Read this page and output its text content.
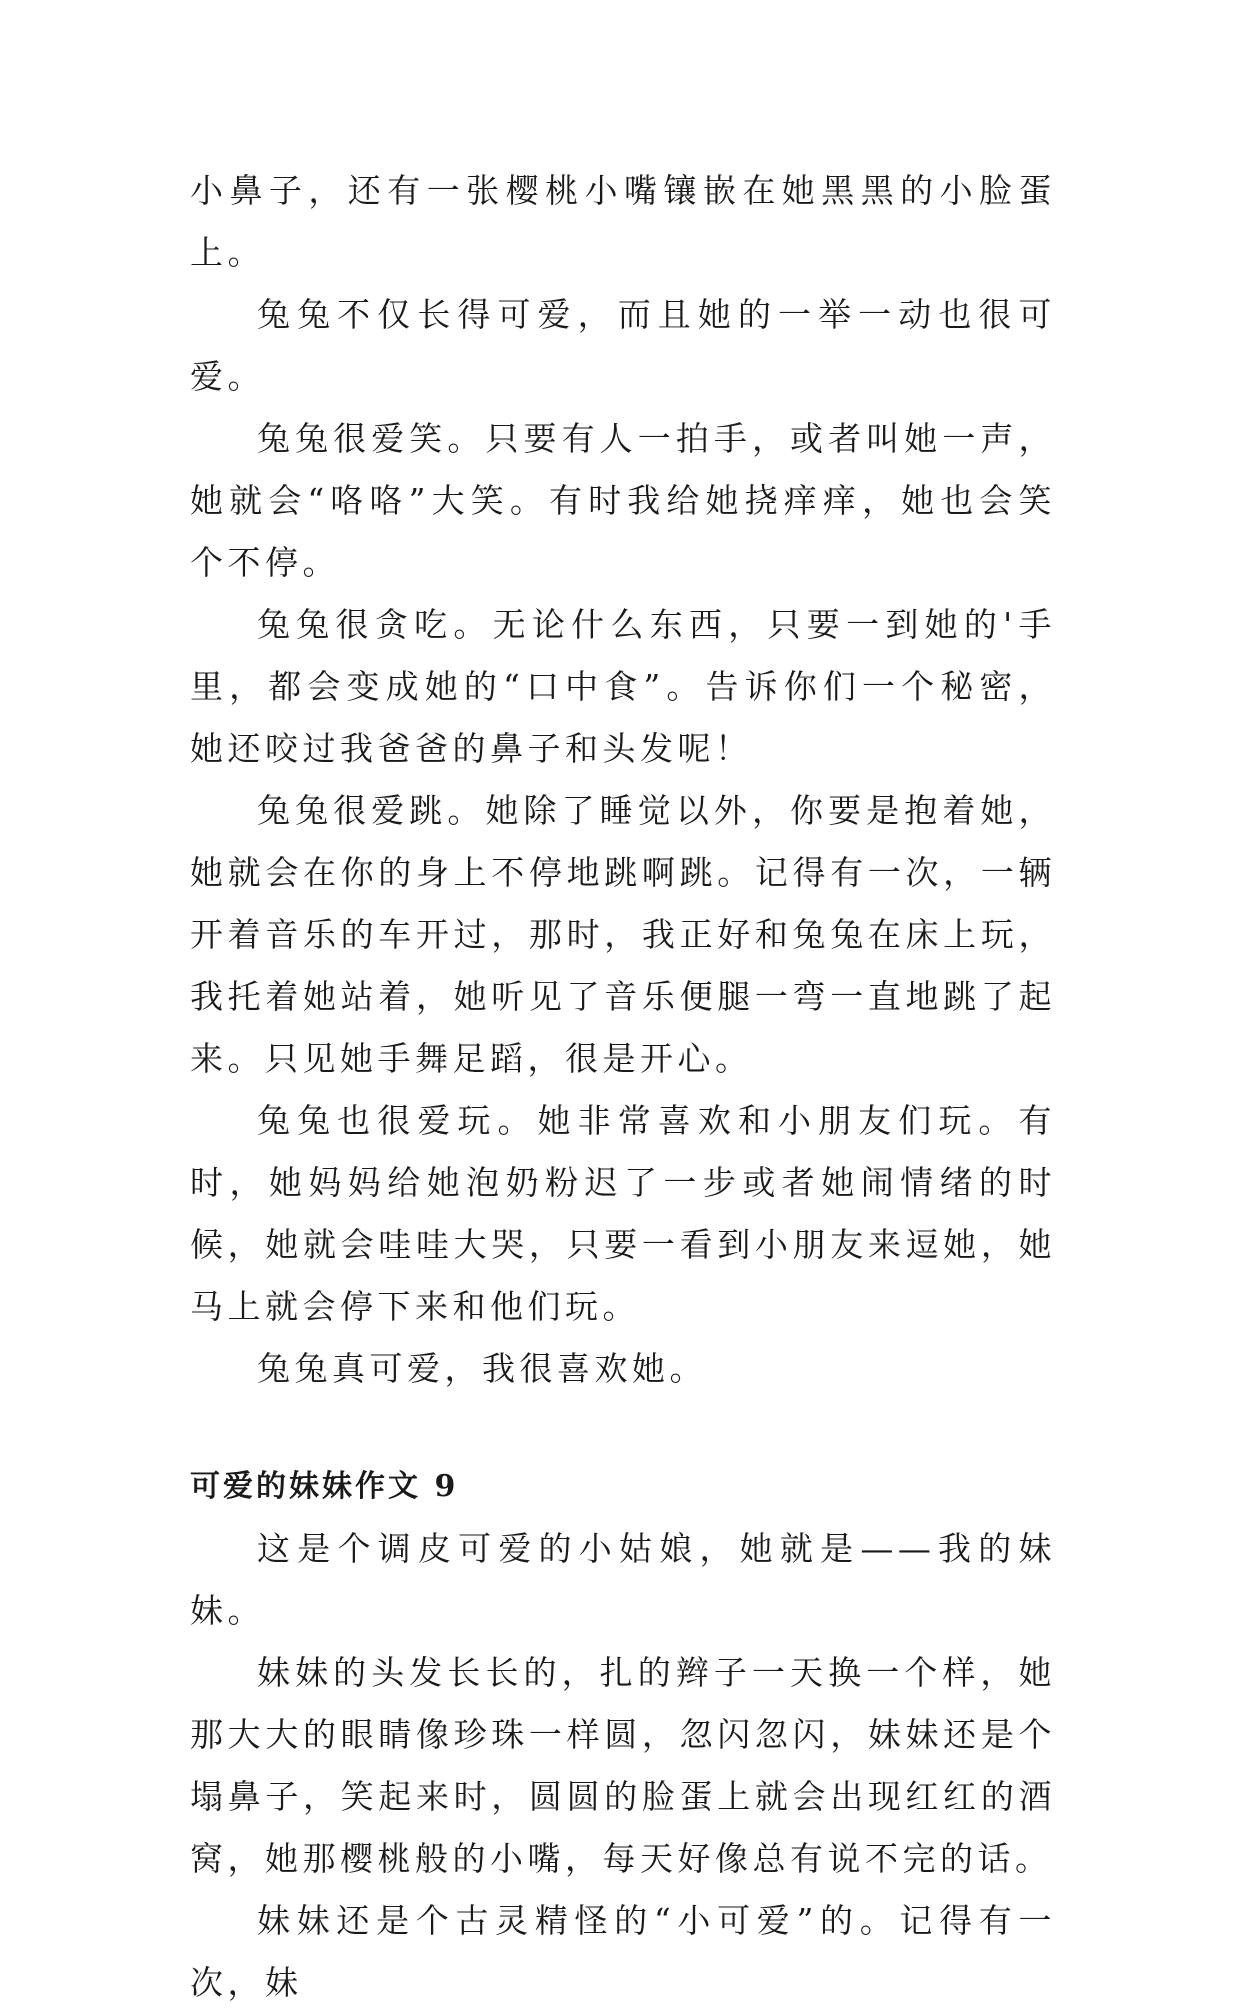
小鼻子，还有一张樱桃小嘴镶嵌在她黑黑的小脸蛋上。

兔兔不仅长得可爱，而且她的一举一动也很可爱。

兔兔很爱笑。只要有人一拍手，或者叫她一声，她就会“咯咯”大笑。有时我给她挠痒痒，她也会笑个不停。

兔兔很贪吃。无论什么东西，只要一到她的'手里，都会变成她的“口中食”。告诉你们一个秘密，她还咬过我爸爸的鼻子和头发呢！

兔兔很爱跳。她除了睡觉以外，你要是抱着她，她就会在你的身上不停地跳啊跳。记得有一次，一辆开着音乐的车开过，那时，我正好和兔兔在床上玩，我托着她站着，她听见了音乐便腿一弯一直地跳了起来。只见她手舞足蹈，很是开心。

兔兔也很爱玩。她非常喜欢和小朋友们玩。有时，她妈妈给她泡奶粉迟了一步或者她闹情绪的时候，她就会哇哇大哭，只要一看到小朋友来逗她，她马上就会停下来和他们玩。

兔兔真可爱，我很喜欢她。

可爱的妹妹作文 9

这是个调皮可爱的小姑娘，她就是——我的妹妹。

妹妹的头发长长的，扎的辫子一天换一个样，她那大大的眼睛像珍珠一样圆，忽闪忽闪，妹妹还是个塌鼻子，笑起来时，圆圆的脸蛋上就会出现红红的酒窝，她那樱桃般的小嘴，每天好像总有说不完的话。

妹妹还是个古灵精怪的“小可爱”的。记得有一次，妹
